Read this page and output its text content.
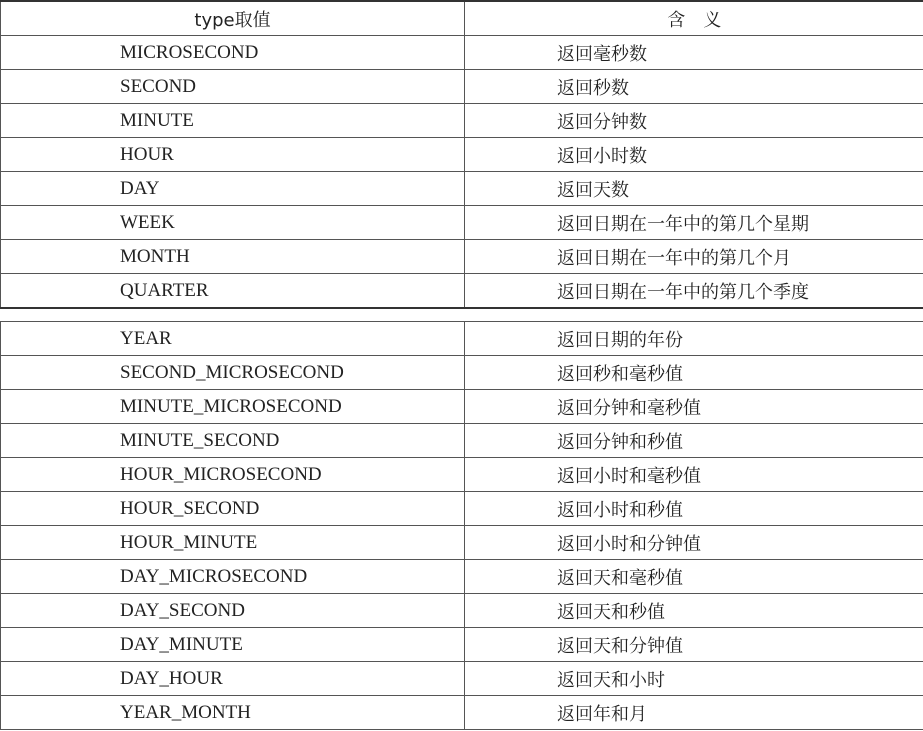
type取值	含　义
MICROSECOND	返回毫秒数
SECOND	返回秒数
MINUTE	返回分钟数
HOUR	返回小时数
DAY	返回天数
WEEK	返回日期在一年中的第几个星期
MONTH	返回日期在一年中的第几个月
QUARTER	返回日期在一年中的第几个季度
YEAR	返回日期的年份
SECOND_MICROSECOND	返回秒和毫秒值
MINUTE_MICROSECOND	返回分钟和毫秒值
MINUTE_SECOND	返回分钟和秒值
HOUR_MICROSECOND	返回小时和毫秒值
HOUR_SECOND	返回小时和秒值
HOUR_MINUTE	返回小时和分钟值
DAY_MICROSECOND	返回天和毫秒值
DAY_SECOND	返回天和秒值
DAY_MINUTE	返回天和分钟值
DAY_HOUR	返回天和小时
YEAR_MONTH	返回年和月
